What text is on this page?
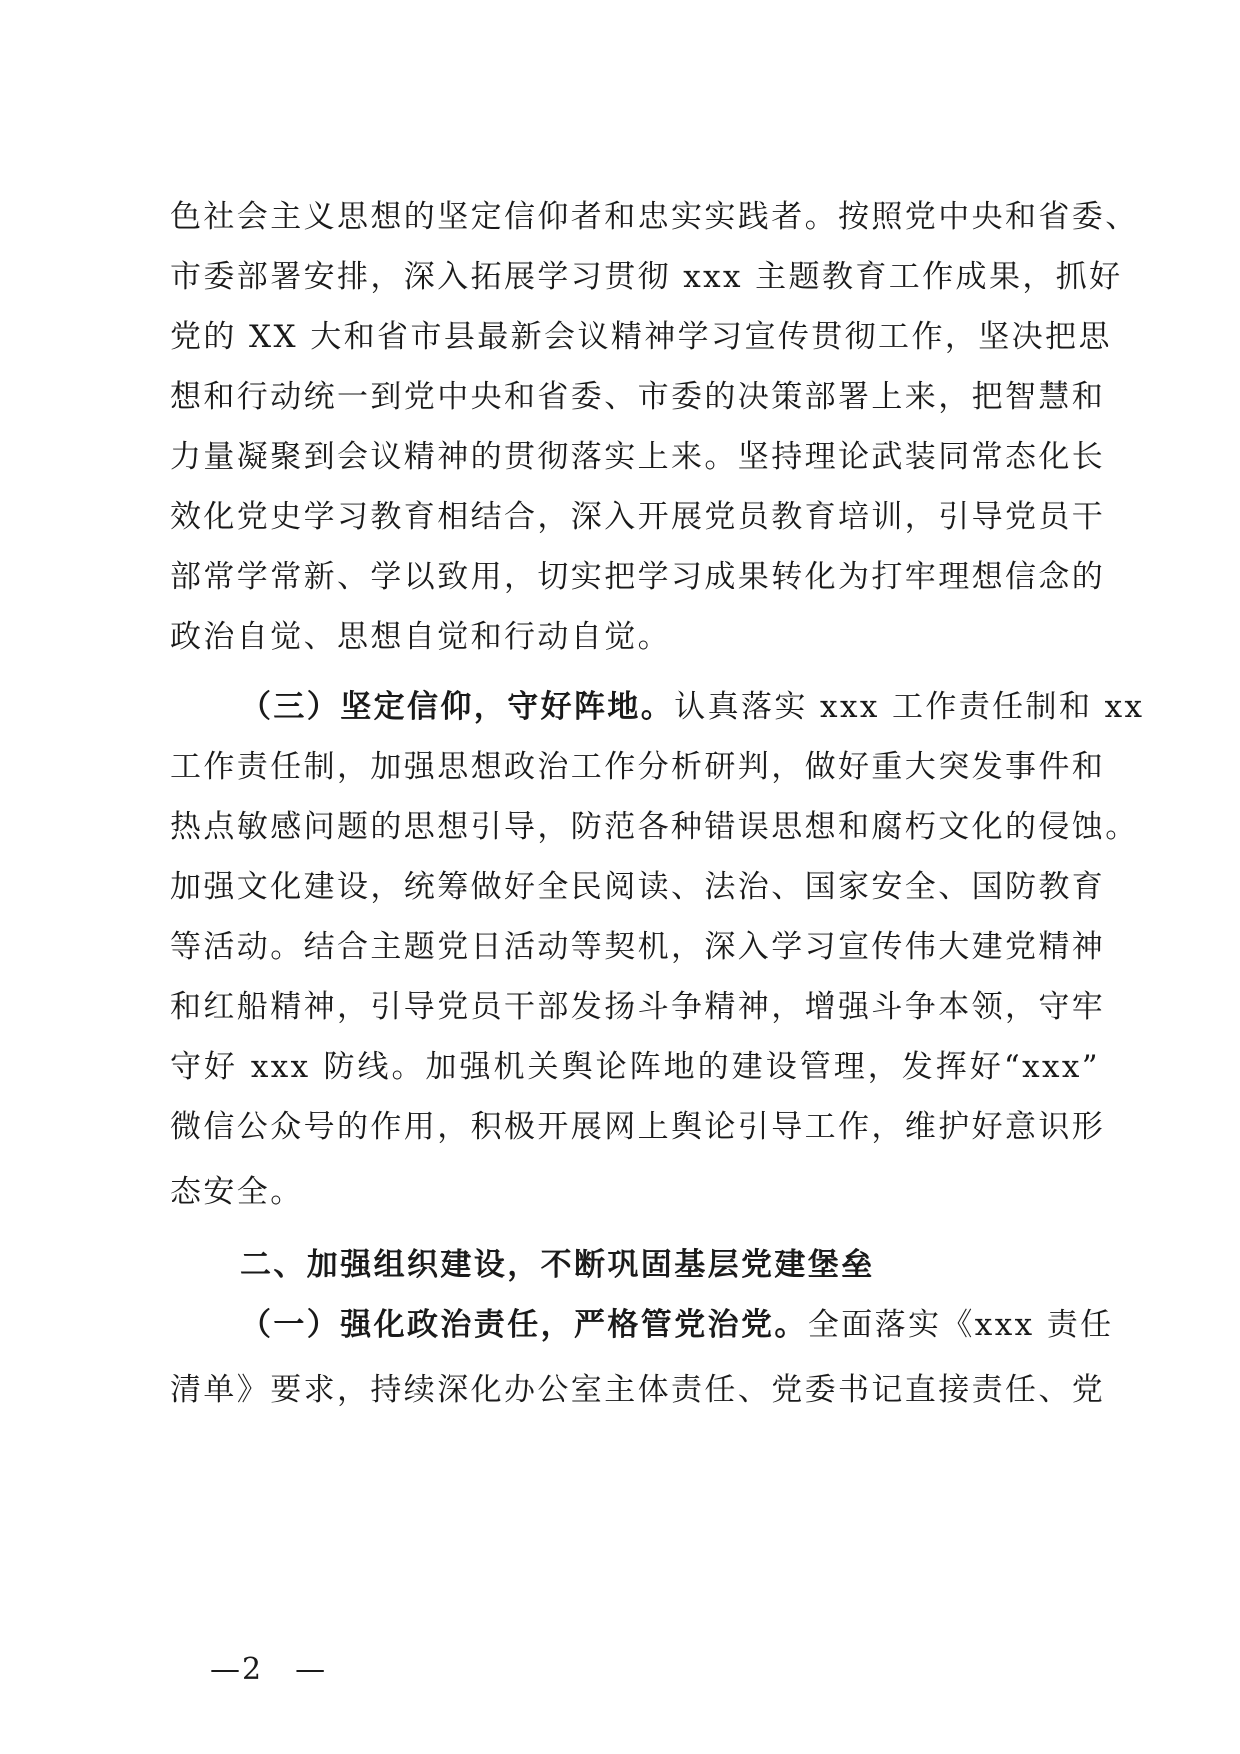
色社会主义思想的坚定信仰者和忠实实践者。按照党中央和省委、
市委部署安排，深入拓展学习贯彻 xxx 主题教育工作成果，抓好
党的 XX 大和省市县最新会议精神学习宣传贯彻工作，坚决把思
想和行动统一到党中央和省委、市委的决策部署上来，把智慧和
力量凝聚到会议精神的贯彻落实上来。坚持理论武装同常态化长
效化党史学习教育相结合，深入开展党员教育培训，引导党员干
部常学常新、学以致用，切实把学习成果转化为打牢理想信念的
政治自觉、思想自觉和行动自觉。
（三）坚定信仰，守好阵地。认真落实 xxx 工作责任制和 xx
工作责任制，加强思想政治工作分析研判，做好重大突发事件和
热点敏感问题的思想引导，防范各种错误思想和腐朽文化的侵蚀。
加强文化建设，统筹做好全民阅读、法治、国家安全、国防教育
等活动。结合主题党日活动等契机，深入学习宣传伟大建党精神
和红船精神，引导党员干部发扬斗争精神，增强斗争本领，守牢
守好 xxx 防线。加强机关舆论阵地的建设管理，发挥好“xxx”
微信公众号的作用，积极开展网上舆论引导工作，维护好意识形
态安全。
二、加强组织建设，不断巩固基层党建堡垒
（一）强化政治责任，严格管党治党。全面落实《xxx 责任
清单》要求，持续深化办公室主体责任、党委书记直接责任、党
—2　—
